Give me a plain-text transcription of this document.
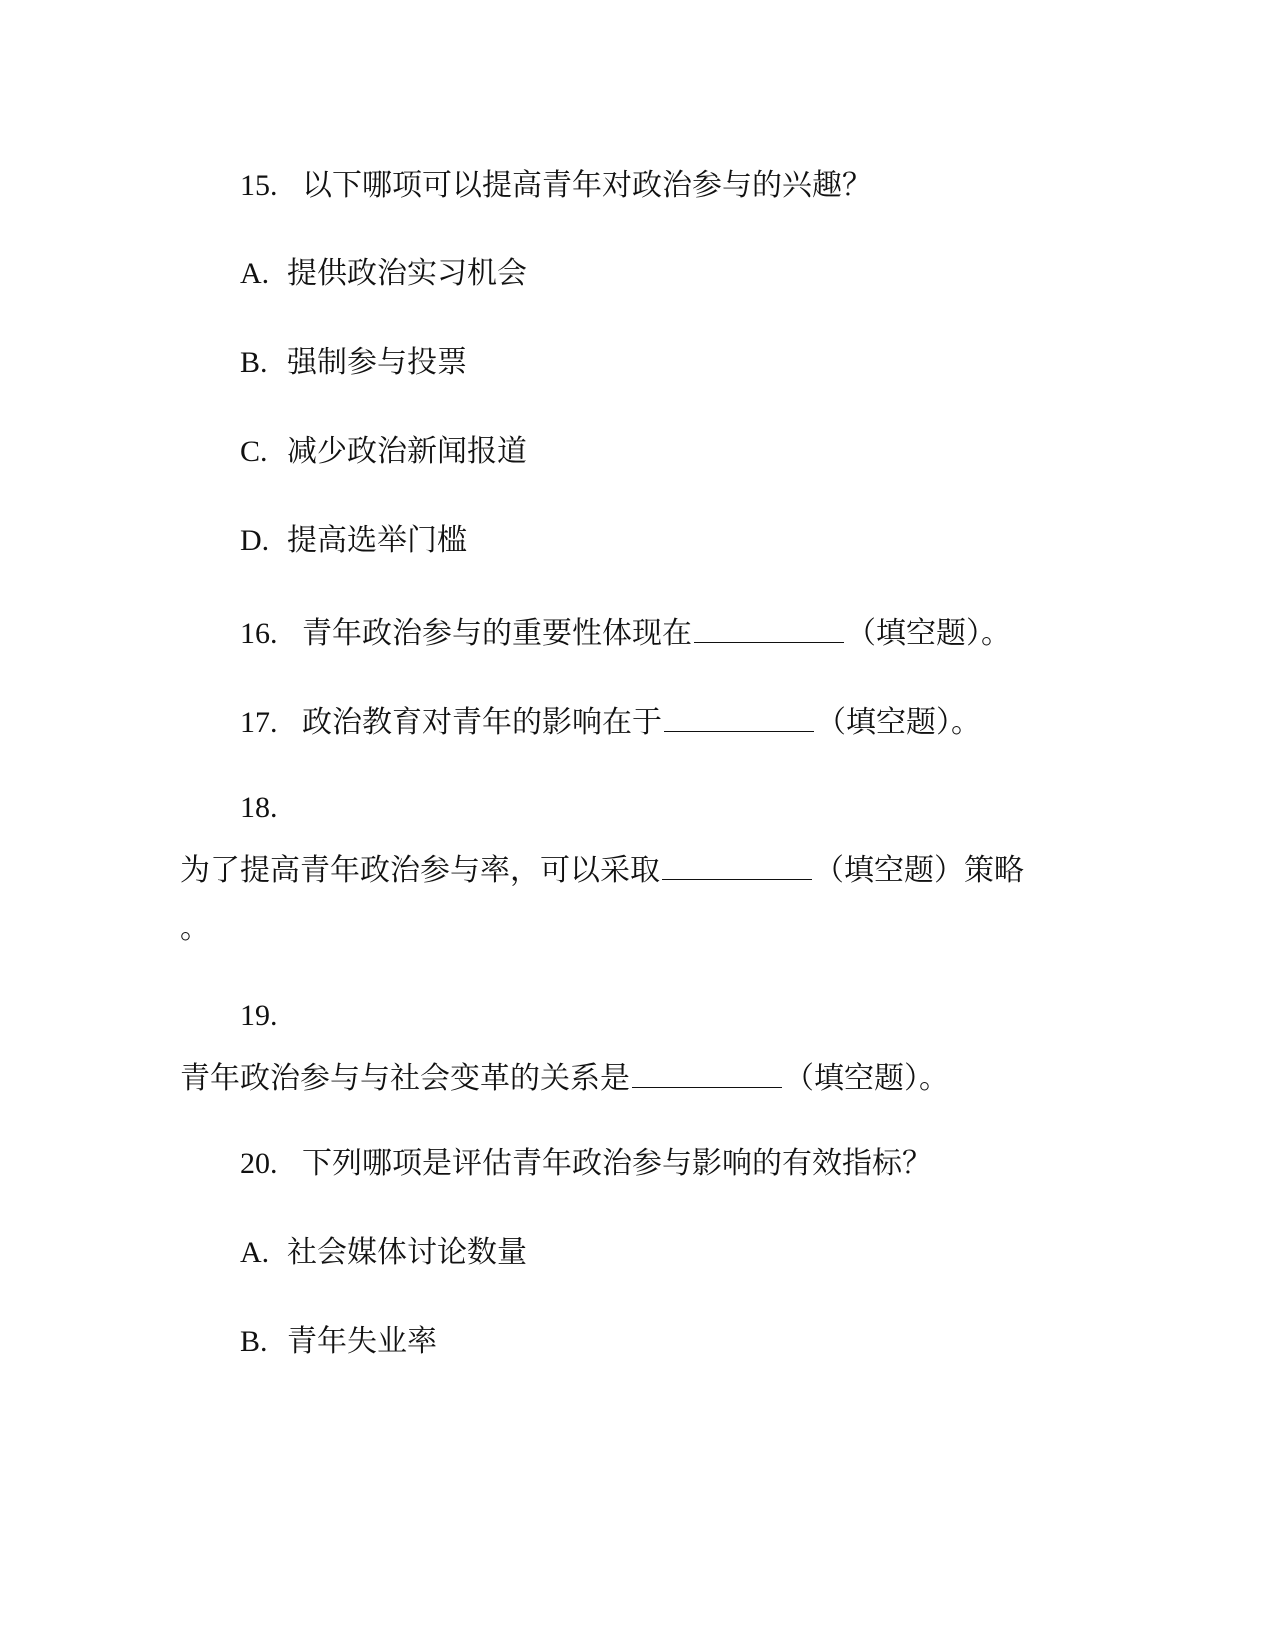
15. 以下哪项可以提高青年对政治参与的兴趣？
A. 提供政治实习机会
B. 强制参与投票
C. 减少政治新闻报道
D. 提高选举门槛
16. 青年政治参与的重要性体现在	（填空题）。
17. 政治教育对青年的影响在于	（填空题）。
18.
为了提高青年政治参与率，可以采取	（填空题）策略
。
19.
青年政治参与与社会变革的关系是	（填空题）。
20. 下列哪项是评估青年政治参与影响的有效指标？
A. 社会媒体讨论数量
B. 青年失业率
